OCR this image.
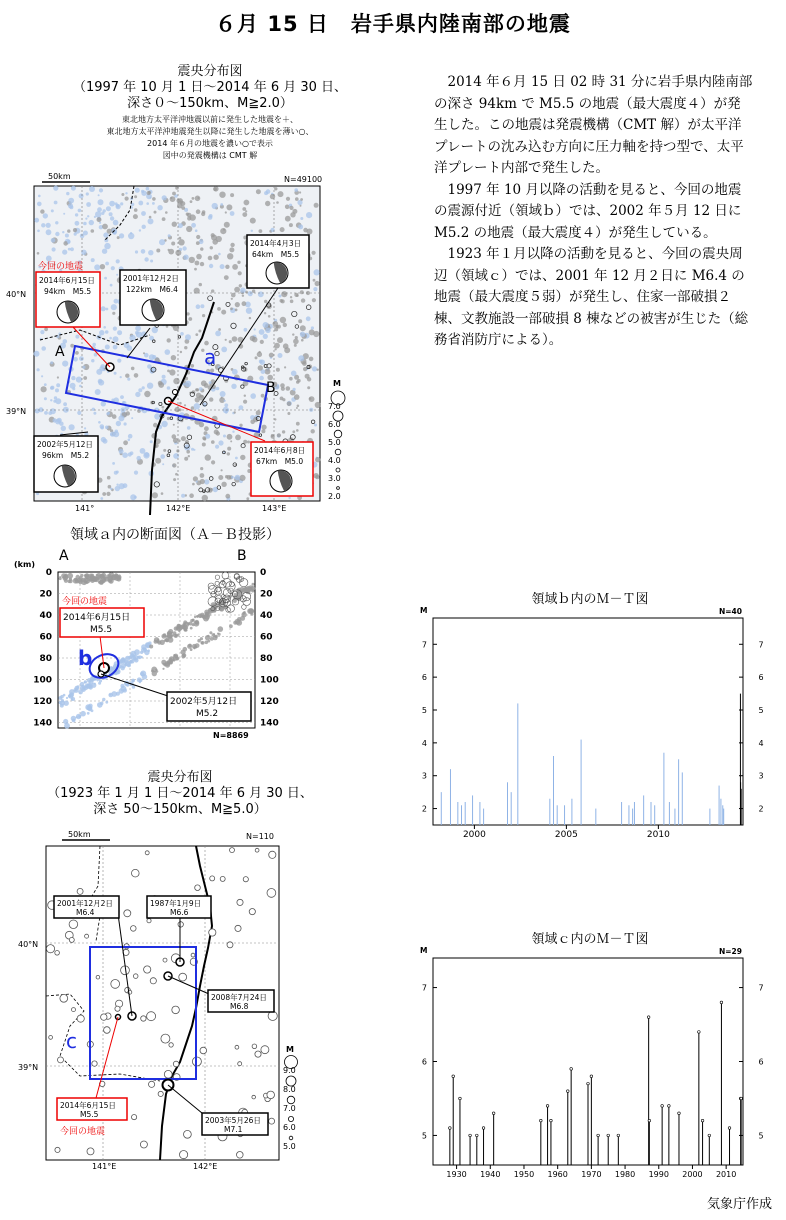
６月 15 日　岩手県内陸南部の地震
震央分布図
（1997 年 10 月 1 日～2014 年 6 月 30 日、
深さ０～150km、M≧2.0）
東北地方太平洋沖地震以前に発生した地震を＋、
東北地方太平洋沖地震発生以降に発生した地震を薄い○、
2014 年６月の地震を濃い○で表示
図中の発震機構は CMT 解
50km	N=49100
a
A
B
40°N
39°N
141°	142°E	143°E
M
7.0
6.0
5.0
4.0
3.0
2.0
今回の地震
2014年6月15日
94km　M5.5
2001年12月2日
122km　M6.4
2014年4月3日
64km　M5.5
2002年5月12日
96km　M5.2
2014年6月8日
67km　M5.0
領域ａ内の断面図（Ａ－Ｂ投影）
A	B
(km)
0	0
20	20
40	40
60	60
80	80
100	100
120	120
140	140
b
今回の地震
2014年6月15日
M5.5
2002年5月12日
M5.2
N=8869
震央分布図
（1923 年 1 月 1 日～2014 年 6 月 30 日、
深さ 50～150km、M≧5.0）
50km	N=110
c
2001年12月2日
M6.4
1987年1月9日
M6.6
2008年7月24日
M6.8
2014年6月15日
M5.5
今回の地震
2003年5月26日
M7.1
40°N
39°N
141°E	142°E
M
9.0
8.0
7.0
6.0
5.0

2014 年６月 15 日 02 時 31 分に岩手県内陸南部の深さ 94km で M5.5 の地震（最大震度４）が発生した。この地震は発震機構（CMT 解）が太平洋プレートの沈み込む方向に圧力軸を持つ型で、太平洋プレート内部で発生した。

1997 年 10 月以降の活動を見ると、今回の地震の震源付近（領域ｂ）では、2002 年５月 12 日にM5.2 の地震（最大震度４）が発生している。

1923 年１月以降の活動を見ると、今回の震央周辺（領域ｃ）では、2001 年 12 月２日に M6.4 の地震（最大震度５弱）が発生し、住家一部破損２棟、文教施設一部破損 8 棟などの被害が生じた（総務省消防庁による）。

領域ｂ内のＭ－Ｔ図
N=40
M
2	2
3	3
4	4
5	5
6	6
7	7
2000	2005	2010
領域ｃ内のＭ－Ｔ図
N=29
M
5	5
6	6
7	7
1930 1940 1950 1960 1970 1980 1990 2000 2010
気象庁作成
